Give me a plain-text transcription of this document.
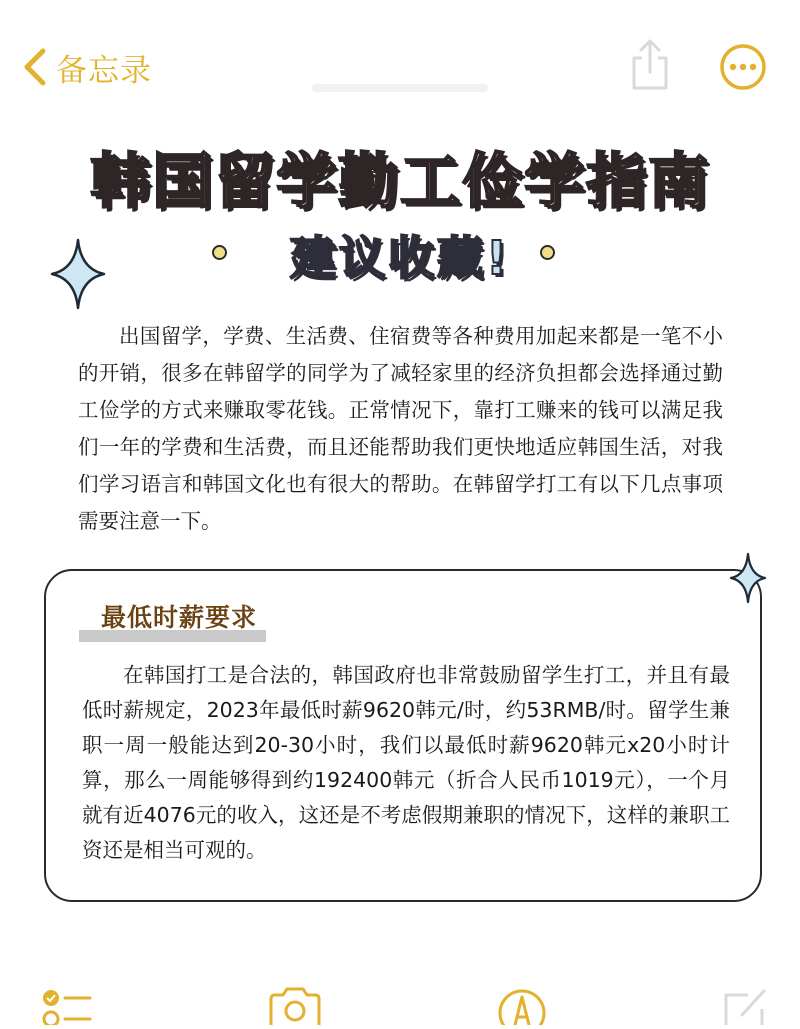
备忘录
韩国留学勤工俭学指南
建议收藏!

出国留学，学费、生活费、住宿费等各种费用加起来都是一笔不小的开销，很多在韩留学的同学为了减轻家里的经济负担都会选择通过勤工俭学的方式来赚取零花钱。正常情况下，靠打工赚来的钱可以满足我们一年的学费和生活费，而且还能帮助我们更快地适应韩国生活，对我们学习语言和韩国文化也有很大的帮助。在韩留学打工有以下几点事项需要注意一下。

最低时薪要求

在韩国打工是合法的，韩国政府也非常鼓励留学生打工，并且有最低时薪规定，2023年最低时薪9620韩元/时，约53RMB/时。留学生兼职一周一般能达到20-30小时，我们以最低时薪9620韩元x20小时计算，那么一周能够得到约192400韩元（折合人民币1019元），一个月就有近4076元的收入，这还是不考虑假期兼职的情况下，这样的兼职工资还是相当可观的。
